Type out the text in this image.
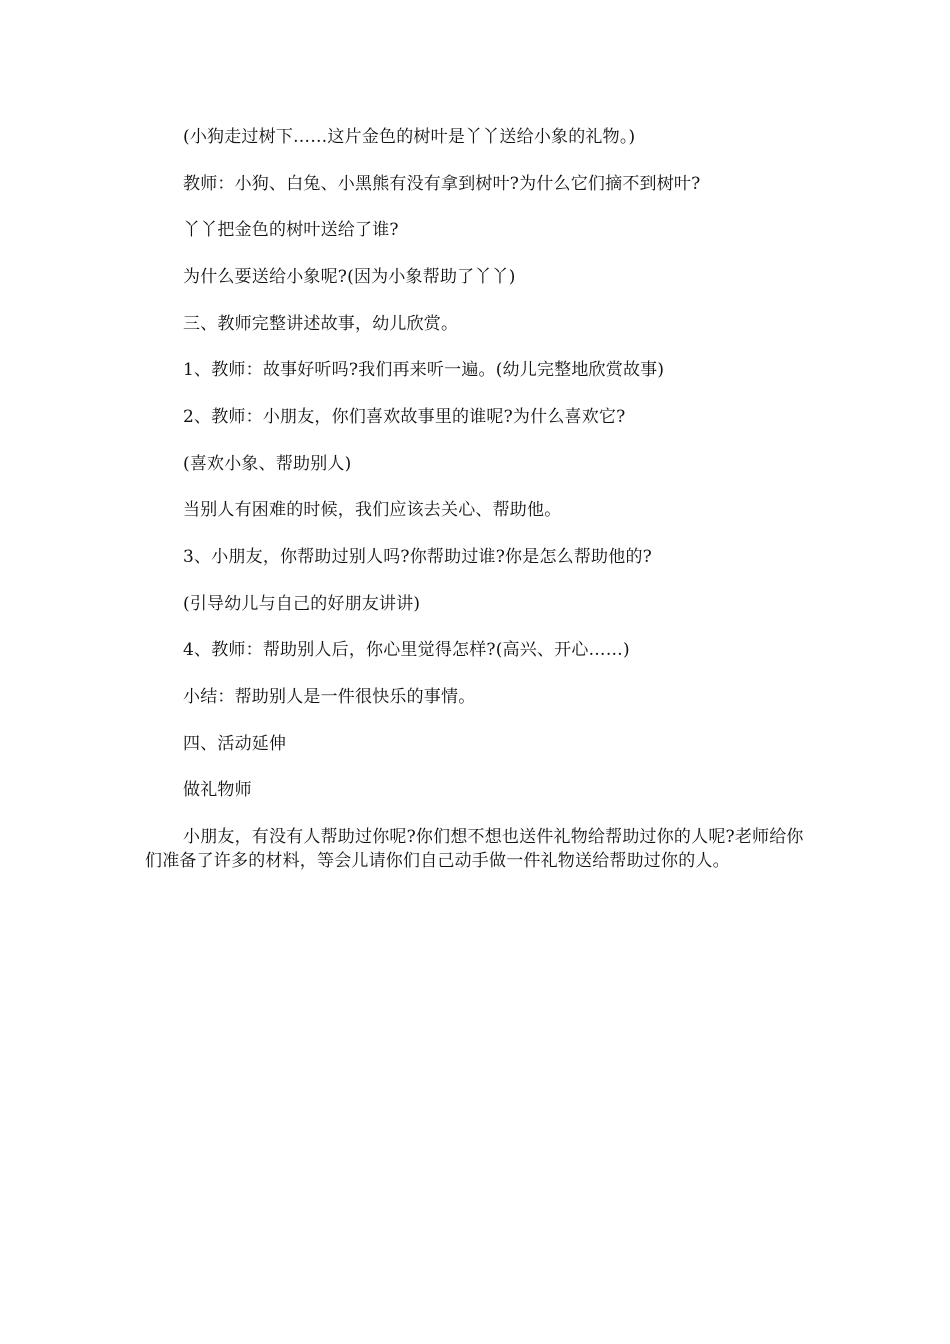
(小狗走过树下……这片金色的树叶是丫丫送给小象的礼物。)

教师：小狗、白兔、小黑熊有没有拿到树叶?为什么它们摘不到树叶?

丫丫把金色的树叶送给了谁?

为什么要送给小象呢?(因为小象帮助了丫丫)

三、教师完整讲述故事，幼儿欣赏。

1、教师：故事好听吗?我们再来听一遍。(幼儿完整地欣赏故事)

2、教师：小朋友，你们喜欢故事里的谁呢?为什么喜欢它?

(喜欢小象、帮助别人)

当别人有困难的时候，我们应该去关心、帮助他。

3、小朋友，你帮助过别人吗?你帮助过谁?你是怎么帮助他的?

(引导幼儿与自己的好朋友讲讲)

4、教师：帮助别人后，你心里觉得怎样?(高兴、开心……)

小结：帮助别人是一件很快乐的事情。

四、活动延伸

做礼物师

小朋友，有没有人帮助过你呢?你们想不想也送件礼物给帮助过你的人呢?老师给你们准备了许多的材料，等会儿请你们自己动手做一件礼物送给帮助过你的人。
